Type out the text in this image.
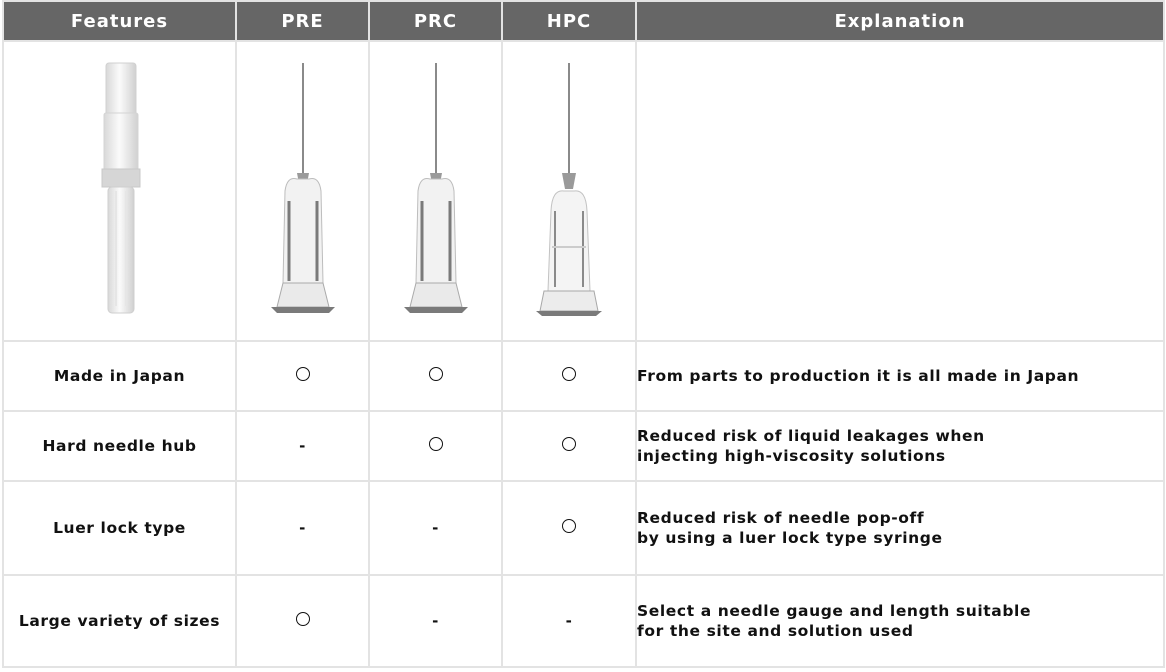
Features	PRE	PRC	HPC	Explanation

Made in Japan				From parts to production it is all made in Japan

Hard needle hub	-			Reduced risk of liquid leakages when
injecting high-viscosity solutions

Luer lock type	-	-		Reduced risk of needle pop-off
by using a luer lock type syringe

Large variety of sizes		-	-	Select a needle gauge and length suitable
for the site and solution used
